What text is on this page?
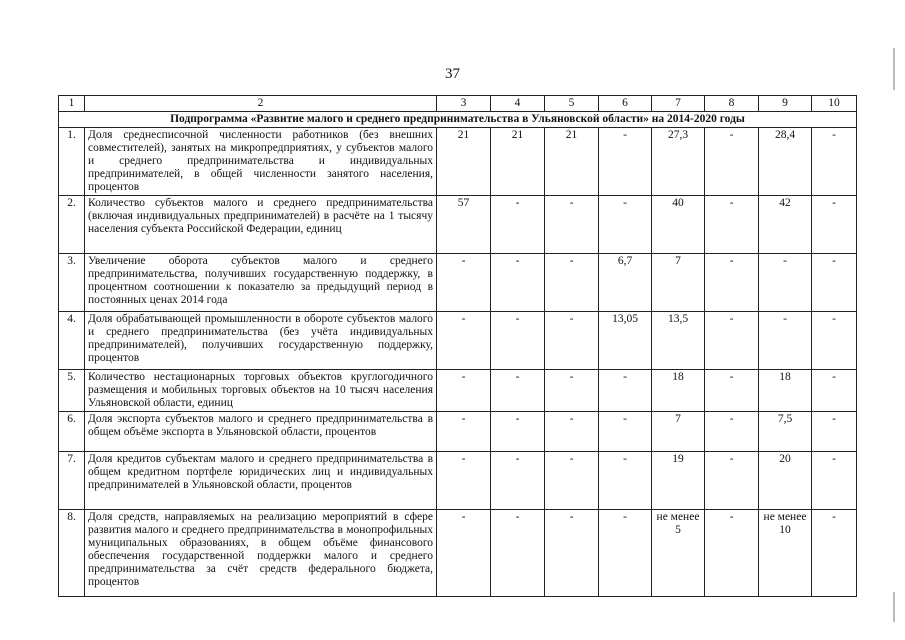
37
1	2	3	4	5	6	7	8	9	10
Подпрограмма «Развитие малого и среднего предпринимательства в Ульяновской области» на 2014-2020 годы									
1.	Доля среднесписочной численности работников (без внешних совместителей), занятых на микропредприятиях, у субъектов малого и среднего предпринимательства и индивидуальных предпринимателей, в общей численности занятого населения, процентов	21	21	21	-	27,3	-	28,4	-
2.	Количество субъектов малого и среднего предпринимательства (включая индивидуальных предпринимателей) в расчёте на 1 тысячу населения субъекта Российской Федерации, единиц	57	-	-	-	40	-	42	-
3.	Увеличение оборота субъектов малого и среднего предпринимательства, получивших государственную поддержку, в процентном соотношении к показателю за предыдущий период в постоянных ценах 2014 года	-	-	-	6,7	7	-	-	-
4.	Доля обрабатывающей промышленности в обороте субъектов малого и среднего предпринимательства (без учёта индивидуальных предпринимателей), получивших государственную поддержку, процентов	-	-	-	13,05	13,5	-	-	-
5.	Количество нестационарных торговых объектов круглогодичного размещения и мобильных торговых объектов на 10 тысяч населения Ульяновской области, единиц	-	-	-	-	18	-	18	-
6.	Доля экспорта субъектов малого и среднего предпринимательства в общем объёме экспорта в Ульяновской области, процентов	-	-	-	-	7	-	7,5	-
7.	Доля кредитов субъектам малого и среднего предпринимательства в общем кредитном портфеле юридических лиц и индивидуальных предпринимателей в Ульяновской области, процентов	-	-	-	-	19	-	20	-
8.	Доля средств, направляемых на реализацию мероприятий в сфере развития малого и среднего предпринимательства в монопрофильных муниципальных образованиях, в общем объёме финансового обеспечения государственной поддержки малого и среднего предпринимательства за счёт средств федерального бюджета, процентов	-	-	-	-	не менее 5	-	не менее 10	-
